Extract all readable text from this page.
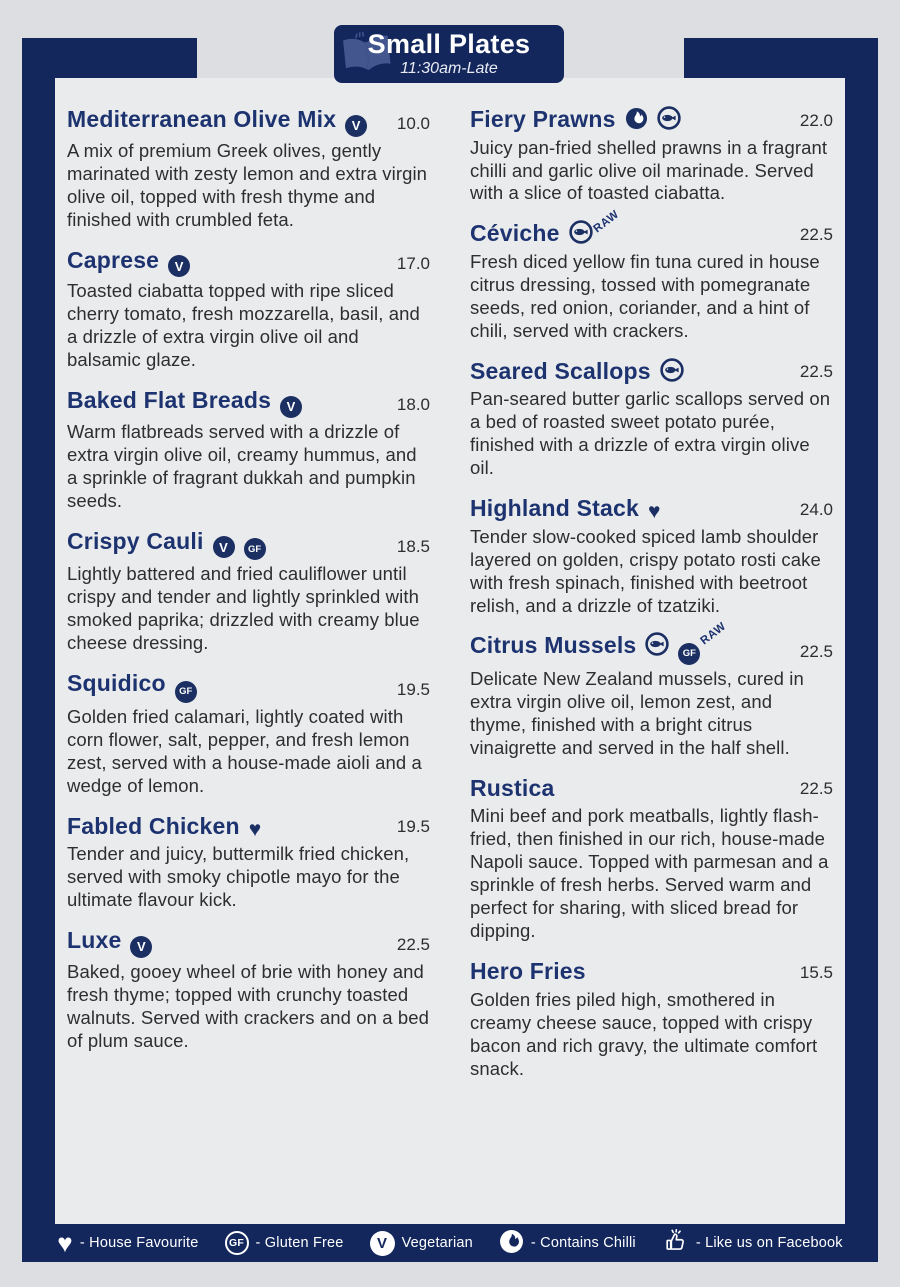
Small Plates
11:30am-Late
Mediterranean Olive Mix V	10.0
A mix of premium Greek olives, gently marinated with zesty lemon and extra virgin olive oil, topped with fresh thyme and finished with crumbled feta.
Caprese V	17.0
Toasted ciabatta topped with ripe sliced cherry tomato, fresh mozzarella, basil, and a drizzle of extra virgin olive oil and balsamic glaze.
Baked Flat Breads V	18.0
Warm flatbreads served with a drizzle of extra virgin olive oil, creamy hummus, and a sprinkle of fragrant dukkah and pumpkin seeds.
Crispy Cauli V GF	18.5
Lightly battered and fried cauliflower until crispy and tender and lightly sprinkled with smoked paprika; drizzled with creamy blue cheese dressing.
Squidico GF	19.5
Golden fried calamari, lightly coated with corn flower, salt, pepper, and fresh lemon zest, served with a house-made aioli and a wedge of lemon.
Fabled Chicken ♥	19.5
Tender and juicy, buttermilk fried chicken, served with smoky chipotle mayo for the ultimate flavour kick.
Luxe V	22.5
Baked, gooey wheel of brie with honey and fresh thyme; topped with crunchy toasted walnuts. Served with crackers and on a bed of plum sauce.
Fiery Prawns	22.0
Juicy pan-fried shelled prawns in a fragrant chilli and garlic olive oil marinade. Served with a slice of toasted ciabatta.
Céviche	RAW	22.5
Fresh diced yellow fin tuna cured in house citrus dressing, tossed with pomegranate seeds, red onion, coriander, and a hint of chili, served with crackers.
Seared Scallops	22.5
Pan-seared butter garlic scallops served on a bed of roasted sweet potato purée, finished with a drizzle of extra virgin olive oil.
Highland Stack ♥	24.0
Tender slow-cooked spiced lamb shoulder layered on golden, crispy potato rosti cake with fresh spinach, finished with beetroot relish, and a drizzle of tzatziki.
Citrus Mussels	GFRAW
22.5
Delicate New Zealand mussels, cured in extra virgin olive oil, lemon zest, and thyme, finished with a bright citrus vinaigrette and served in the half shell.
Rustica	22.5
Mini beef and pork meatballs, lightly flash-fried, then finished in our rich, house-made Napoli sauce. Topped with parmesan and a sprinkle of fresh herbs. Served warm and perfect for sharing, with sliced bread for dipping.
Hero Fries	15.5
Golden fries piled high, smothered in creamy cheese sauce, topped with crispy bacon and rich gravy, the ultimate comfort snack.
♥ - House Favourite	GF - Gluten Free	V Vegetarian	- Contains Chilli	- Like us on Facebook
